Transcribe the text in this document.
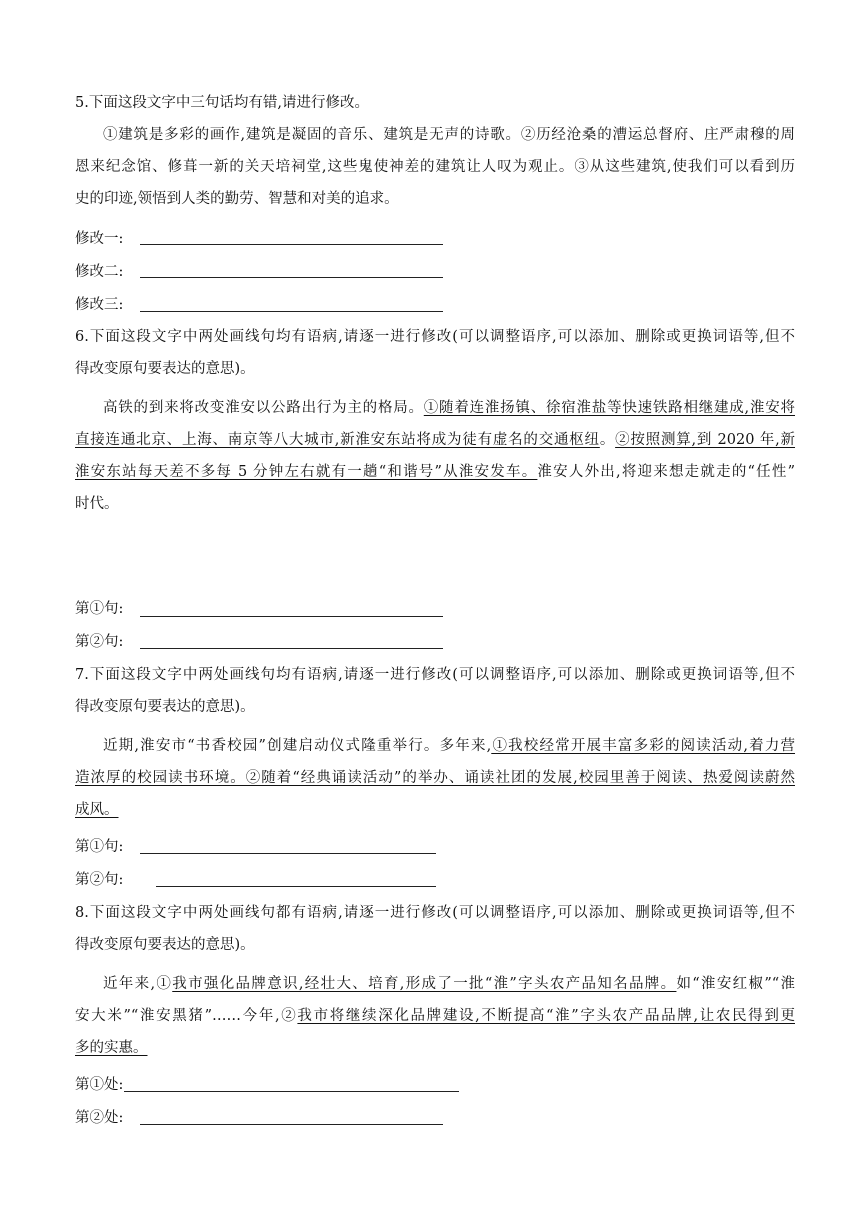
5.下面这段文字中三句话均有错,请进行修改。
①建筑是多彩的画作,建筑是凝固的音乐、建筑是无声的诗歌。②历经沧桑的漕运总督府、庄严肃穆的周
恩来纪念馆、修葺一新的关天培祠堂,这些鬼使神差的建筑让人叹为观止。③从这些建筑,使我们可以看到历
史的印迹,领悟到人类的勤劳、智慧和对美的追求。
修改一:
修改二:
修改三:
6.下面这段文字中两处画线句均有语病,请逐一进行修改(可以调整语序,可以添加、删除或更换词语等,但不
得改变原句要表达的意思)。
高铁的到来将改变淮安以公路出行为主的格局。①随着连淮扬镇、徐宿淮盐等快速铁路相继建成,淮安将
直接连通北京、上海、南京等八大城市,新淮安东站将成为徒有虚名的交通枢纽。②按照测算,到 2020 年,新
淮安东站每天差不多每 5 分钟左右就有一趟“和谐号”从淮安发车。淮安人外出,将迎来想走就走的“任性”
时代。
第①句:
第②句:
7.下面这段文字中两处画线句均有语病,请逐一进行修改(可以调整语序,可以添加、删除或更换词语等,但不
得改变原句要表达的意思)。
近期,淮安市“书香校园”创建启动仪式隆重举行。多年来,①我校经常开展丰富多彩的阅读活动,着力营
造浓厚的校园读书环境。②随着“经典诵读活动”的举办、诵读社团的发展,校园里善于阅读、热爱阅读蔚然
成风。
第①句:
第②句:
8.下面这段文字中两处画线句都有语病,请逐一进行修改(可以调整语序,可以添加、删除或更换词语等,但不
得改变原句要表达的意思)。
近年来,①我市强化品牌意识,经壮大、培育,形成了一批“淮”字头农产品知名品牌。如“淮安红椒”“淮
安大米”“淮安黑猪”……今年,②我市将继续深化品牌建设,不断提高“淮”字头农产品品牌,让农民得到更
多的实惠。
第①处:
第②处:
